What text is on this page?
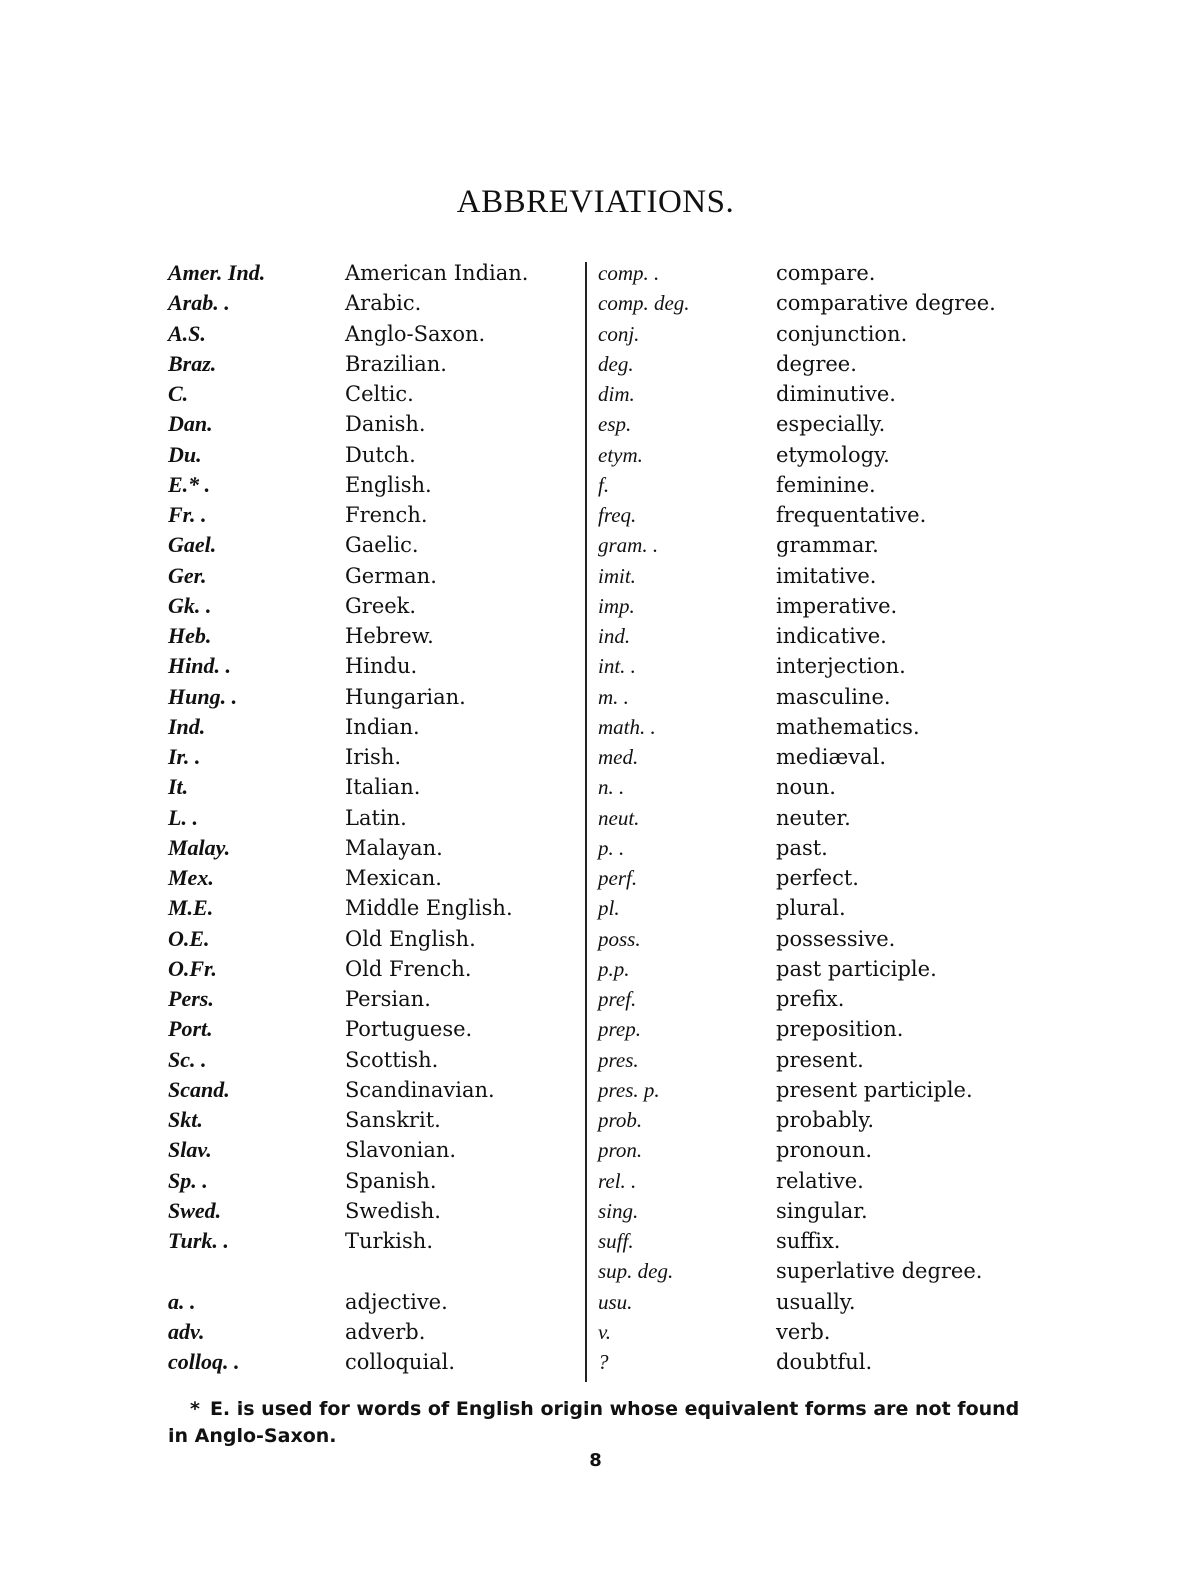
ABBREVIATIONS.
Amer. Ind.
Arab. .
A.S.
Braz.
C.
Dan.
Du.
E.* .
Fr. .
Gael.
Ger.
Gk. .
Heb.
Hind. .
Hung. .
Ind.
Ir. .
It.
L. .
Malay.
Mex.
M.E.
O.E.
O.Fr.
Pers.
Port.
Sc. .
Scand.
Skt.
Slav.
Sp. .
Swed.
Turk. .
a. .
adv.
colloq. .
American Indian.
Arabic.
Anglo-Saxon.
Brazilian.
Celtic.
Danish.
Dutch.
English.
French.
Gaelic.
German.
Greek.
Hebrew.
Hindu.
Hungarian.
Indian.
Irish.
Italian.
Latin.
Malayan.
Mexican.
Middle English.
Old English.
Old French.
Persian.
Portuguese.
Scottish.
Scandinavian.
Sanskrit.
Slavonian.
Spanish.
Swedish.
Turkish.
adjective.
adverb.
colloquial.
comp. .
comp. deg.
conj.
deg.
dim.
esp.
etym.
f.
freq.
gram. .
imit.
imp.
ind.
int. .
m. .
math. .
med.
n. .
neut.
p. .
perf.
pl.
poss.
p.p.
pref.
prep.
pres.
pres. p.
prob.
pron.
rel. .
sing.
suff.
sup. deg.
usu.
v.
?
compare.
comparative degree.
conjunction.
degree.
diminutive.
especially.
etymology.
feminine.
frequentative.
grammar.
imitative.
imperative.
indicative.
interjection.
masculine.
mathematics.
mediæval.
noun.
neuter.
past.
perfect.
plural.
possessive.
past participle.
prefix.
preposition.
present.
present participle.
probably.
pronoun.
relative.
singular.
suffix.
superlative degree.
usually.
verb.
doubtful.
* E. is used for words of English origin whose equivalent forms are not found in Anglo-Saxon.
8
